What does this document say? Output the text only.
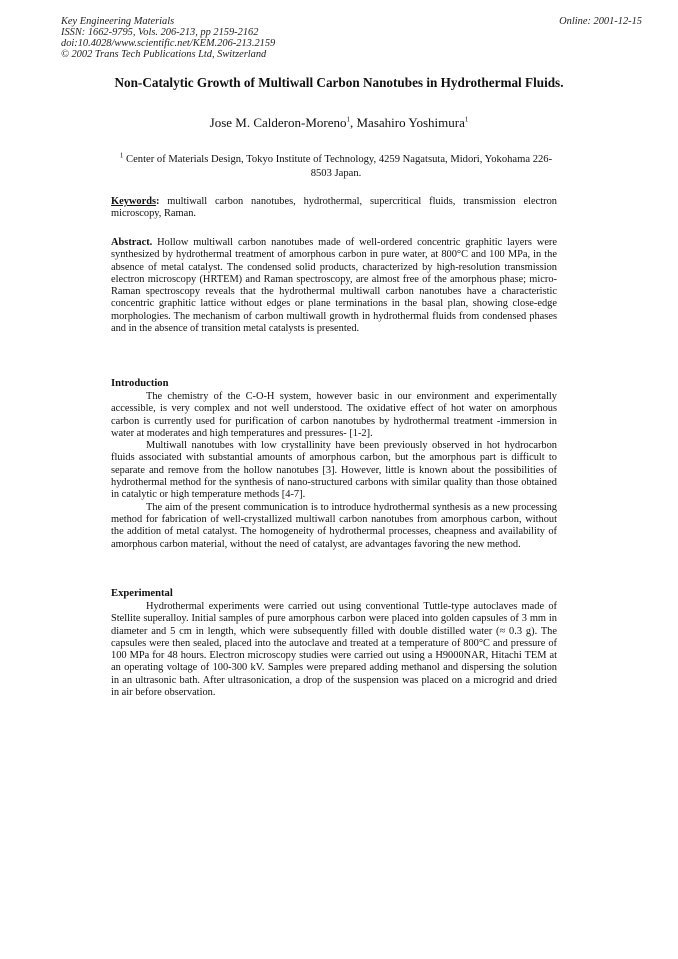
Key Engineering Materials
ISSN: 1662-9795, Vols. 206-213, pp 2159-2162
doi:10.4028/www.scientific.net/KEM.206-213.2159
© 2002 Trans Tech Publications Ltd, Switzerland
Online: 2001-12-15
Non-Catalytic Growth of Multiwall Carbon Nanotubes in Hydrothermal Fluids.
Jose M. Calderon-Moreno$^1$, Masahiro Yoshimura$^1$
$^1$ Center of Materials Design, Tokyo Institute of Technology, 4259 Nagatsuta, Midori, Yokohama 226-8503 Japan.
Keywords: multiwall carbon nanotubes, hydrothermal, supercritical fluids, transmission electron microscopy, Raman.
Abstract. Hollow multiwall carbon nanotubes made of well-ordered concentric graphitic layers were synthesized by hydrothermal treatment of amorphous carbon in pure water, at 800°C and 100 MPa, in the absence of metal catalyst. The condensed solid products, characterized by high-resolution transmission electron microscopy (HRTEM) and Raman spectroscopy, are almost free of the amorphous phase; micro-Raman spectroscopy reveals that the hydrothermal multiwall carbon nanotubes have a characteristic concentric graphitic lattice without edges or plane terminations in the basal plan, showing close-edge morphologies. The mechanism of carbon multiwall growth in hydrothermal fluids from condensed phases and in the absence of transition metal catalysts is presented.
Introduction

The chemistry of the C-O-H system, however basic in our environment and experimentally accessible, is very complex and not well understood. The oxidative effect of hot water on amorphous carbon is currently used for purification of carbon nanotubes by hydrothermal treatment -immersion in water at moderates and high temperatures and pressures- [1-2].

Multiwall nanotubes with low crystallinity have been previously observed in hot hydrocarbon fluids associated with substantial amounts of amorphous carbon, but the amorphous part is difficult to separate and remove from the hollow nanotubes [3]. However, little is known about the possibilities of hydrothermal method for the synthesis of nano-structured carbons with similar quality than those obtained in catalytic or high temperature methods [4-7].

The aim of the present communication is to introduce hydrothermal synthesis as a new processing method for fabrication of well-crystallized multiwall carbon nanotubes from amorphous carbon, without the addition of metal catalyst. The homogeneity of hydrothermal processes, cheapness and availability of amorphous carbon material, without the need of catalyst, are advantages favoring the new method.

Experimental

Hydrothermal experiments were carried out using conventional Tuttle-type autoclaves made of Stellite superalloy. Initial samples of pure amorphous carbon were placed into golden capsules of 3 mm in diameter and 5 cm in length, which were subsequently filled with double distilled water (≈ 0.3 g). The capsules were then sealed, placed into the autoclave and treated at a temperature of 800°C and pressure of 100 MPa for 48 hours. Electron microscopy studies were carried out using a H9000NAR, Hitachi TEM at an operating voltage of 100-300 kV. Samples were prepared adding methanol and dispersing the solution in an ultrasonic bath. After ultrasonication, a drop of the suspension was placed on a microgrid and dried in air before observation.
